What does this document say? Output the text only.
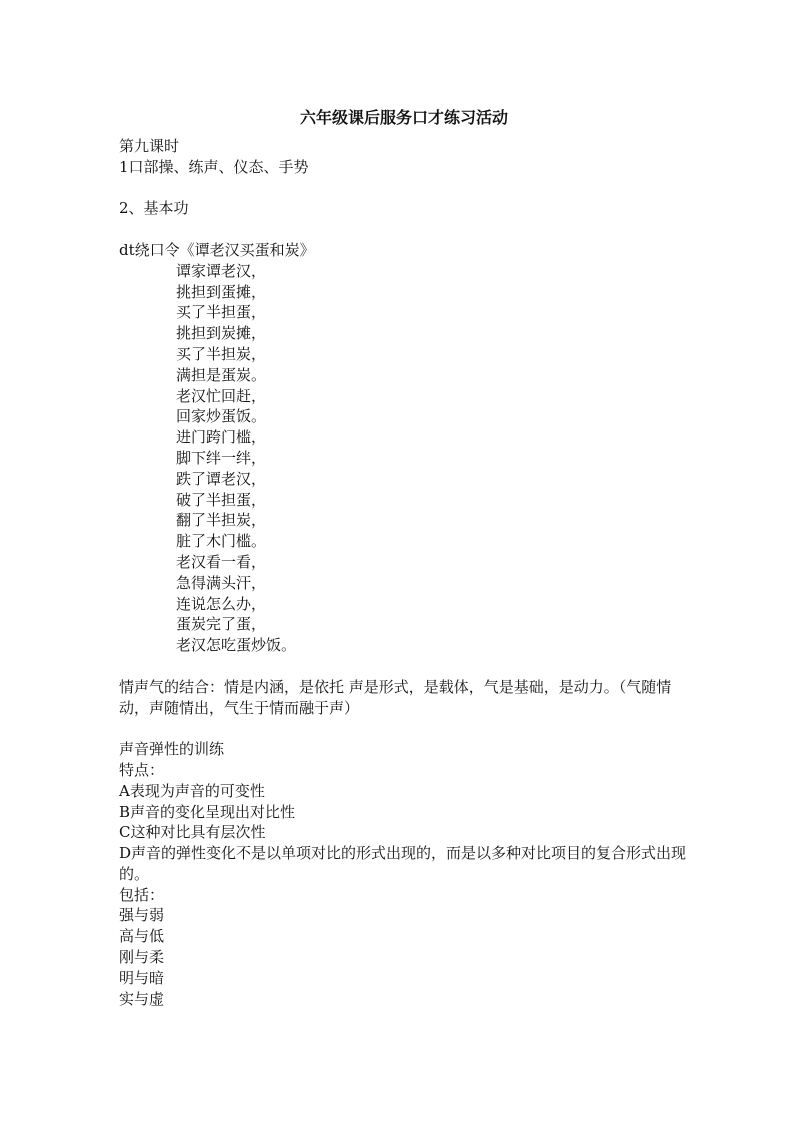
六年级课后服务口才练习活动
第九课时
1口部操、练声、仪态、手势
2、基本功
dt绕口令《谭老汉买蛋和炭》
谭家谭老汉，
挑担到蛋摊，
买了半担蛋，
挑担到炭摊，
买了半担炭，
满担是蛋炭。
老汉忙回赶，
回家炒蛋饭。
进门跨门槛，
脚下绊一绊，
跌了谭老汉，
破了半担蛋，
翻了半担炭，
脏了木门槛。
老汉看一看，
急得满头汗，
连说怎么办，
蛋炭完了蛋，
老汉怎吃蛋炒饭。
情声气的结合：情是内涵，是依托 声是形式，是载体，气是基础，是动力。（气随情动，声随情出，气生于情而融于声）
声音弹性的训练
特点：
A表现为声音的可变性
B声音的变化呈现出对比性
C这种对比具有层次性
D声音的弹性变化不是以单项对比的形式出现的，而是以多种对比项目的复合形式出现的。
包括：
强与弱
高与低
刚与柔
明与暗
实与虚
